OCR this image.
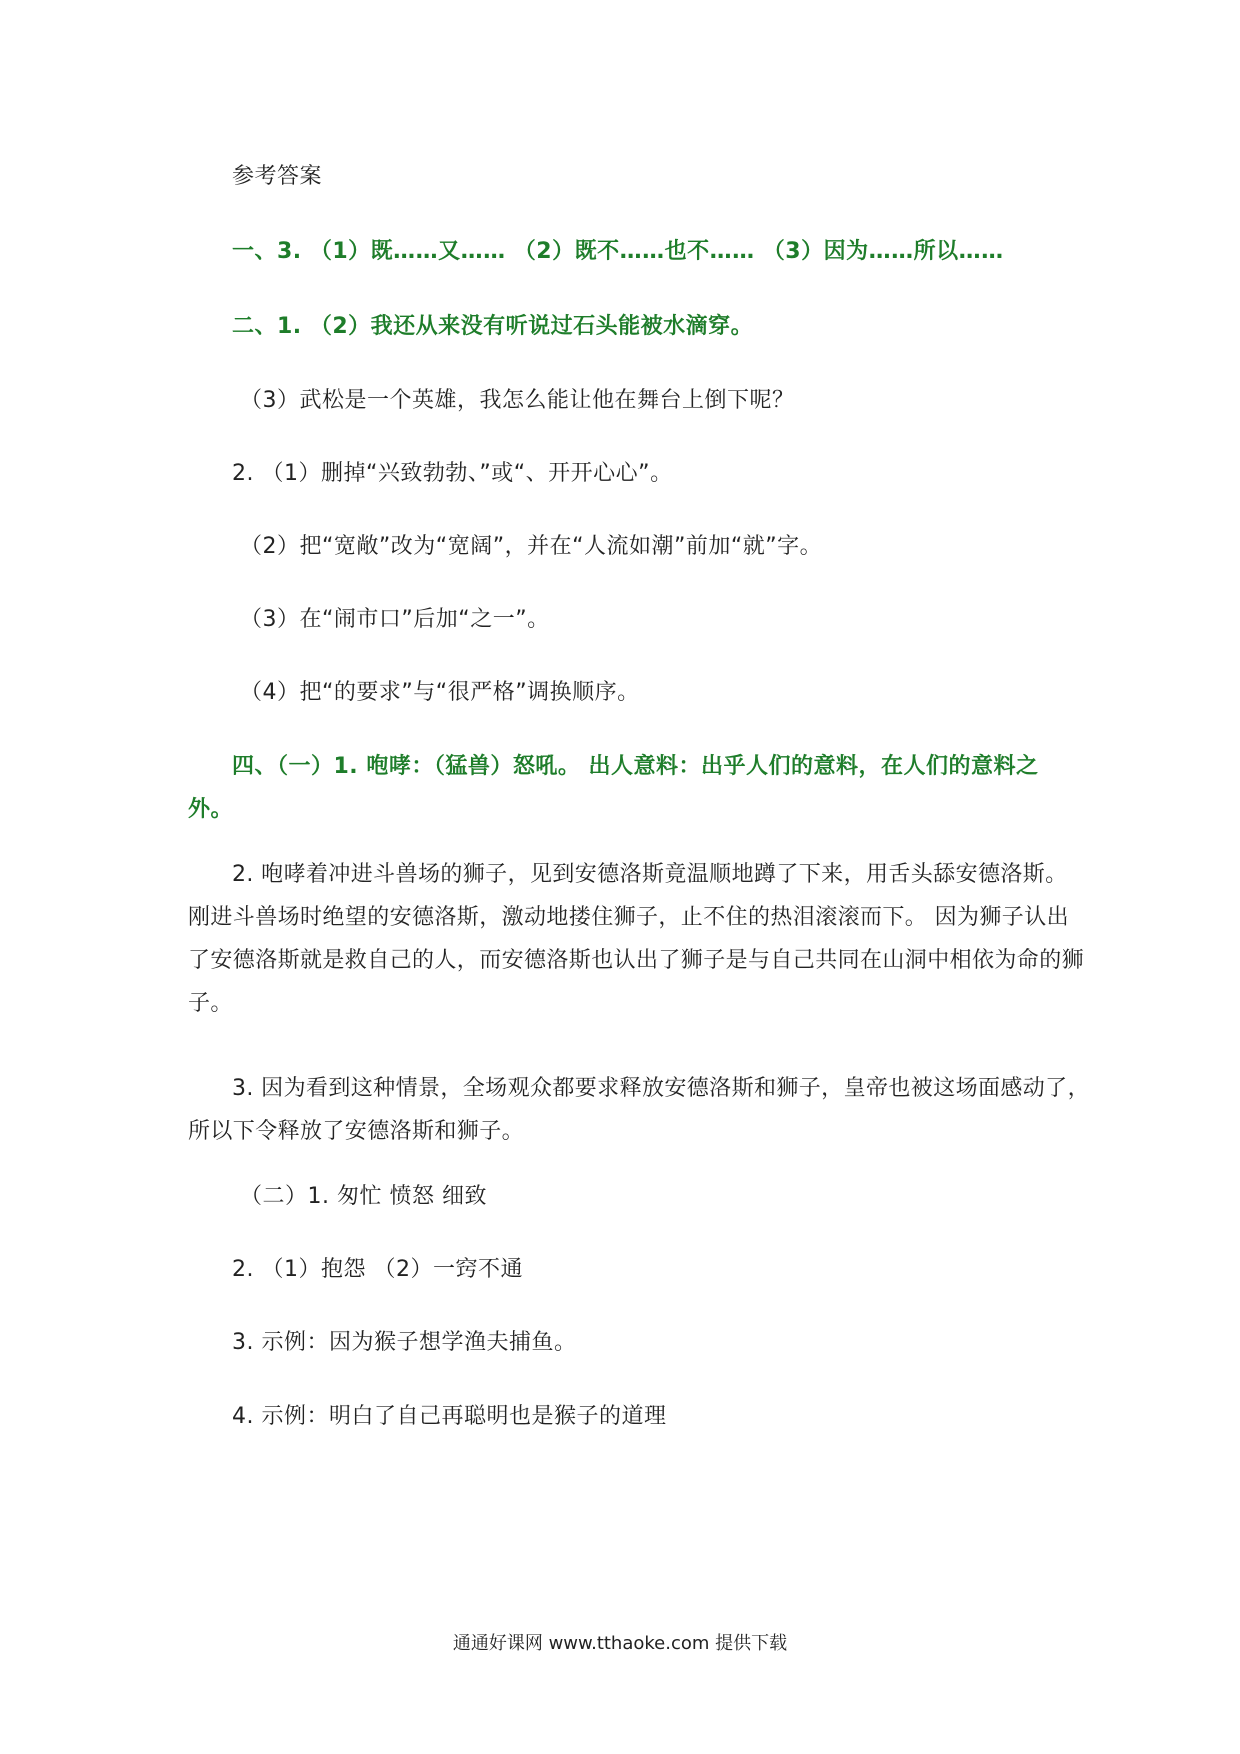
参考答案
一、3. （1）既……又…… （2）既不……也不…… （3）因为……所以……
二、1. （2）我还从来没有听说过石头能被水滴穿。
（3）武松是一个英雄，我怎么能让他在舞台上倒下呢？
2. （1）删掉“兴致勃勃、”或“、开开心心”。
（2）把“宽敞”改为“宽阔”，并在“人流如潮”前加“就”字。
（3）在“闹市口”后加“之一”。
（4）把“的要求”与“很严格”调换顺序。
四、（一）1. 咆哮：（猛兽）怒吼。 出人意料：出乎人们的意料，在人们的意料之
外。
2. 咆哮着冲进斗兽场的狮子，见到安德洛斯竟温顺地蹲了下来，用舌头舔安德洛斯。
刚进斗兽场时绝望的安德洛斯，激动地搂住狮子，止不住的热泪滚滚而下。 因为狮子认出
了安德洛斯就是救自己的人，而安德洛斯也认出了狮子是与自己共同在山洞中相依为命的狮
子。
3. 因为看到这种情景，全场观众都要求释放安德洛斯和狮子，皇帝也被这场面感动了，
所以下令释放了安德洛斯和狮子。
（二）1. 匆忙 愤怒 细致
2. （1）抱怨 （2）一窍不通
3. 示例：因为猴子想学渔夫捕鱼。
4. 示例：明白了自己再聪明也是猴子的道理
通通好课网 www.tthaoke.com 提供下载
